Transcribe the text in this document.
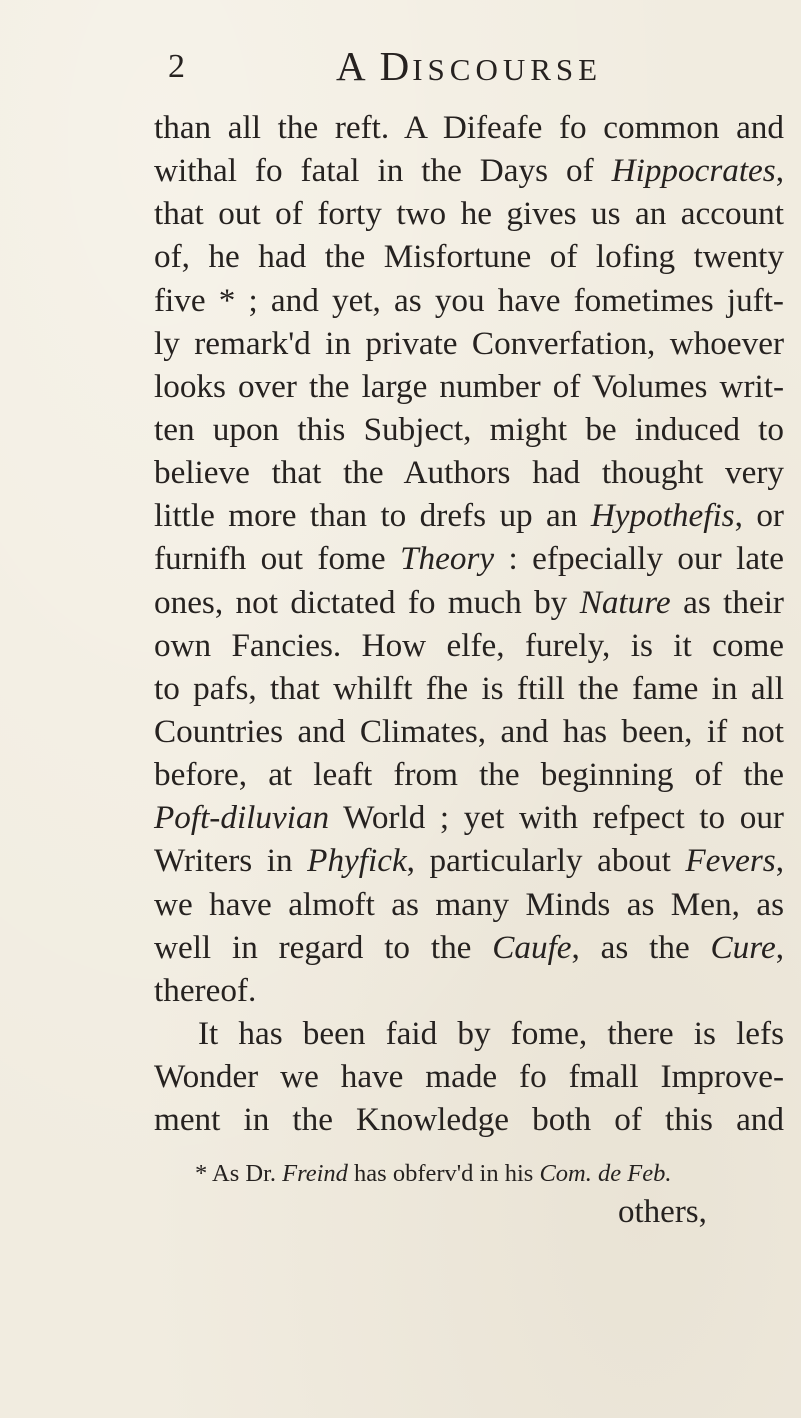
2	A DISCOURSE
than all the reft. A Difeafe fo common and
withal fo fatal in the Days of Hippocrates,
that out of forty two he gives us an account
of, he had the Misfortune of lofing twenty
five * ; and yet, as you have fometimes juft-
ly remark'd in private Converfation, whoever
looks over the large number of Volumes writ-
ten upon this Subject, might be induced to
believe that the Authors had thought very
little more than to drefs up an Hypothefis, or
furnifh out fome Theory : efpecially our late
ones, not dictated fo much by Nature as their
own Fancies. How elfe, furely, is it come
to pafs, that whilft fhe is ftill the fame in all
Countries and Climates, and has been, if not
before, at leaft from the beginning of the
Poft-diluvian World ; yet with refpect to our
Writers in Phyfick, particularly about Fevers,
we have almoft as many Minds as Men, as
well in regard to the Caufe, as the Cure,
thereof.
It has been faid by fome, there is lefs
Wonder we have made fo fmall Improve-
ment in the Knowledge both of this and
* As Dr. Freind has obferv'd in his Com. de Feb.
others,
